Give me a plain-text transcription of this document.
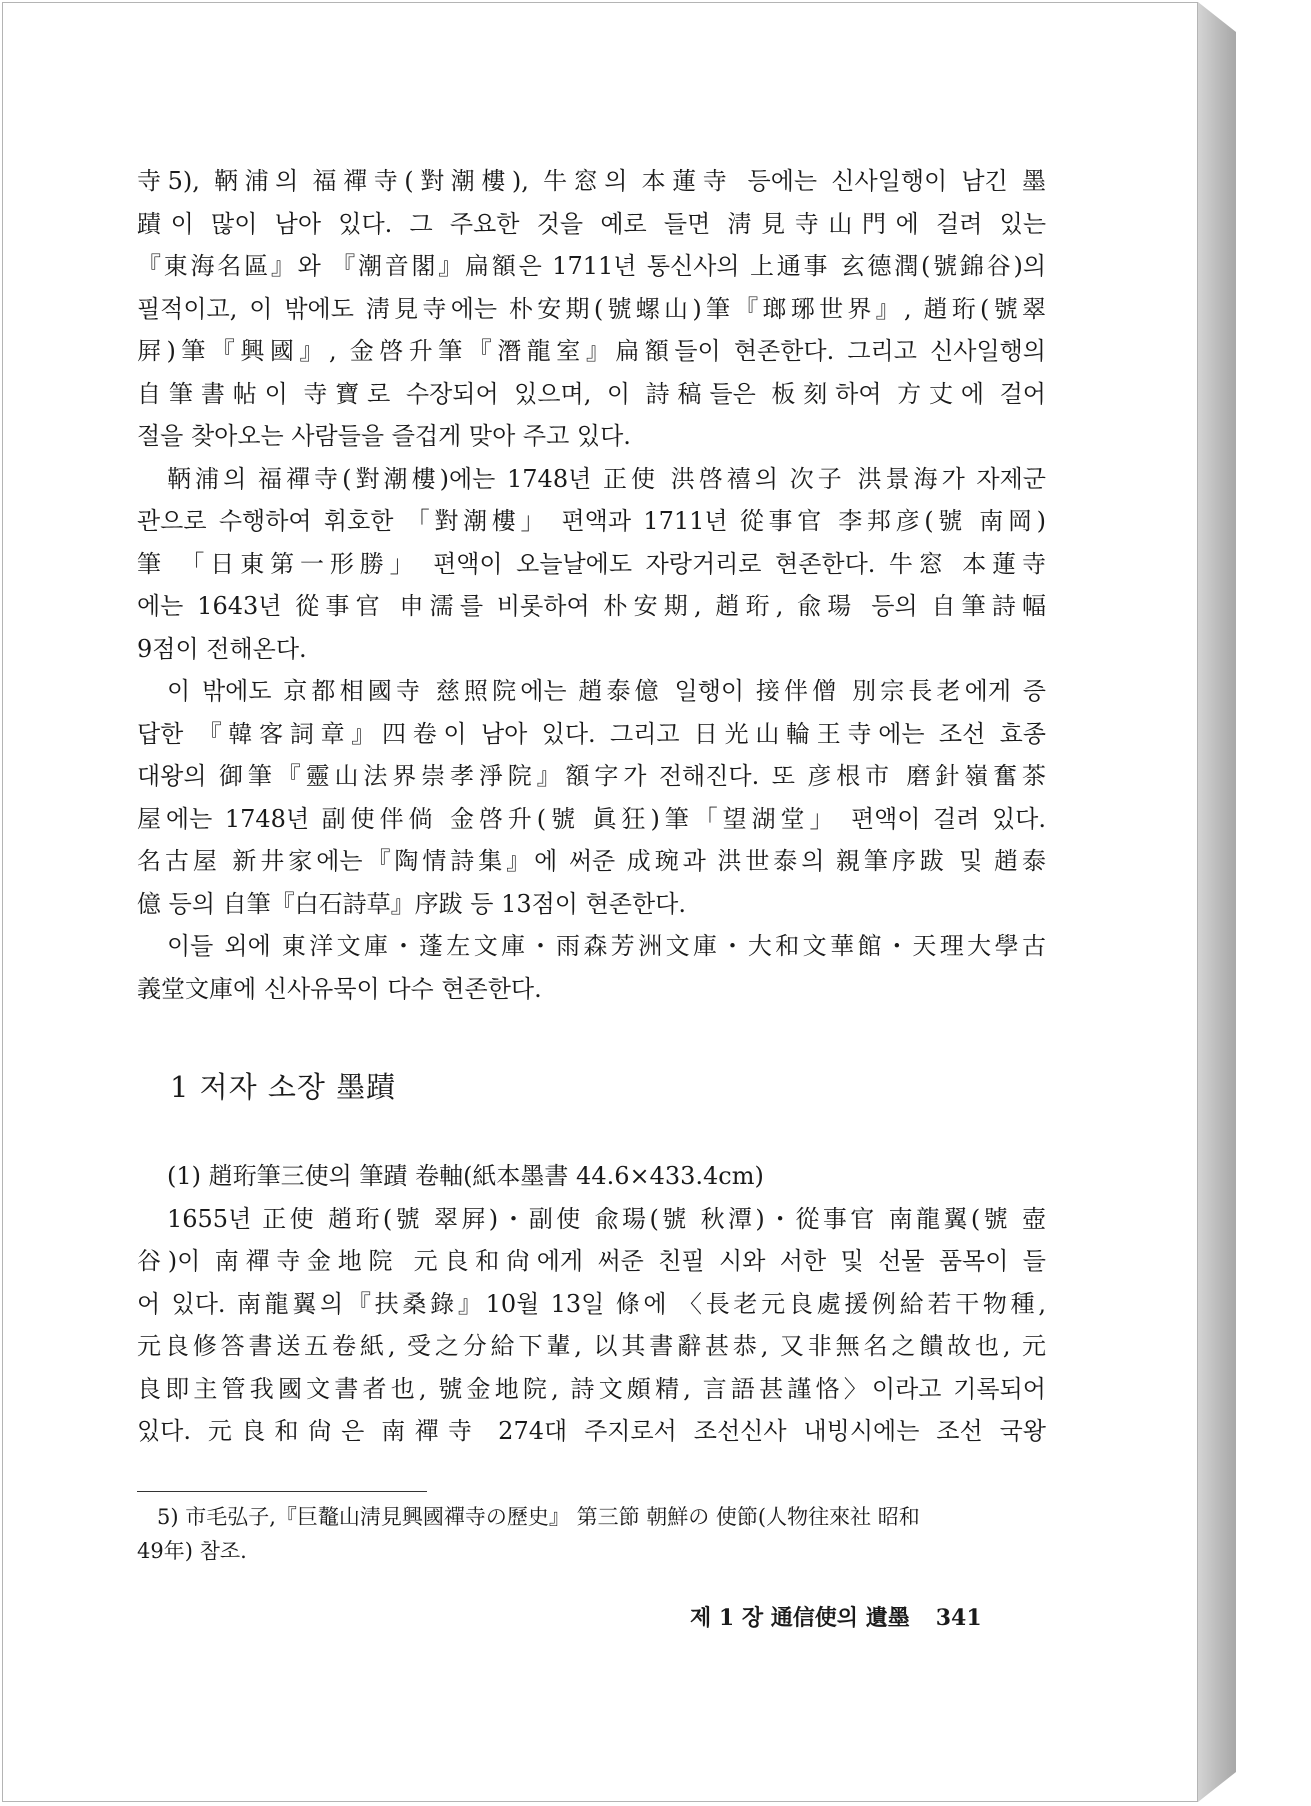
寺5), 鞆浦의 福禪寺(對潮樓), 牛窓의 本蓮寺 등에는 신사일행이 남긴 墨
蹟이 많이 남아 있다. 그 주요한 것을 예로 들면 淸見寺山門에 걸려 있는
『東海名區』와 『潮音閣』扁額은 1711년 통신사의 上通事 玄德潤(號錦谷)의
필적이고, 이 밖에도 淸見寺에는 朴安期(號螺山)筆『瑯琊世界』, 趙珩(號翠
屛)筆『興國』, 金啓升筆『潛龍室』扁額들이 현존한다. 그리고 신사일행의
自筆書帖이 寺寶로 수장되어 있으며, 이 詩稿들은 板刻하여 方丈에 걸어
절을 찾아오는 사람들을 즐겁게 맞아 주고 있다.
鞆浦의 福禪寺(對潮樓)에는 1748년 正使 洪啓禧의 次子 洪景海가 자제군
관으로 수행하여 휘호한 「對潮樓」 편액과 1711년 從事官 李邦彦(號 南岡)
筆 「日東第一形勝」 편액이 오늘날에도 자랑거리로 현존한다. 牛窓 本蓮寺
에는 1643년 從事官 申濡를 비롯하여 朴安期, 趙珩, 兪瑒 등의 自筆詩幅
9점이 전해온다.
이 밖에도 京都相國寺 慈照院에는 趙泰億 일행이 接伴僧 別宗長老에게 증
답한 『韓客詞章』四卷이 남아 있다. 그리고 日光山輪王寺에는 조선 효종
대왕의 御筆『靈山法界崇孝淨院』額字가 전해진다. 또 彦根市 磨針嶺奮茶
屋에는 1748년 副使伴倘 金啓升(號 眞狂)筆「望湖堂」 편액이 걸려 있다.
名古屋 新井家에는『陶情詩集』에 써준 成琬과 洪世泰의 親筆序跋 및 趙泰
億 등의 自筆『白石詩草』序跋 등 13점이 현존한다.
이들 외에 東洋文庫・蓬左文庫・雨森芳洲文庫・大和文華館・天理大學古
義堂文庫에 신사유묵이 다수 현존한다.
1 저자 소장 墨蹟
(1) 趙珩筆三使의 筆蹟 卷軸(紙本墨書 44.6×433.4cm)
1655년 正使 趙珩(號 翠屛)・副使 兪瑒(號 秋潭)・從事官 南龍翼(號 壺
谷)이 南禪寺金地院 元良和尙에게 써준 친필 시와 서한 및 선물 품목이 들
어 있다. 南龍翼의『扶桑錄』10월 13일 條에 〈長老元良處援例給若干物種,
元良修答書送五卷紙, 受之分給下輩, 以其書辭甚恭, 又非無名之饋故也, 元
良即主管我國文書者也, 號金地院, 詩文頗精, 言語甚謹恪〉이라고 기록되어
있다. 元良和尙은 南禪寺 274대 주지로서 조선신사 내빙시에는 조선 국왕
5) 市毛弘子,『巨鼇山淸見興國禪寺の歷史』 第三節 朝鮮の 使節(人物往來社 昭和
49年) 참조.
제 1 장 通信使의 遺墨 341
